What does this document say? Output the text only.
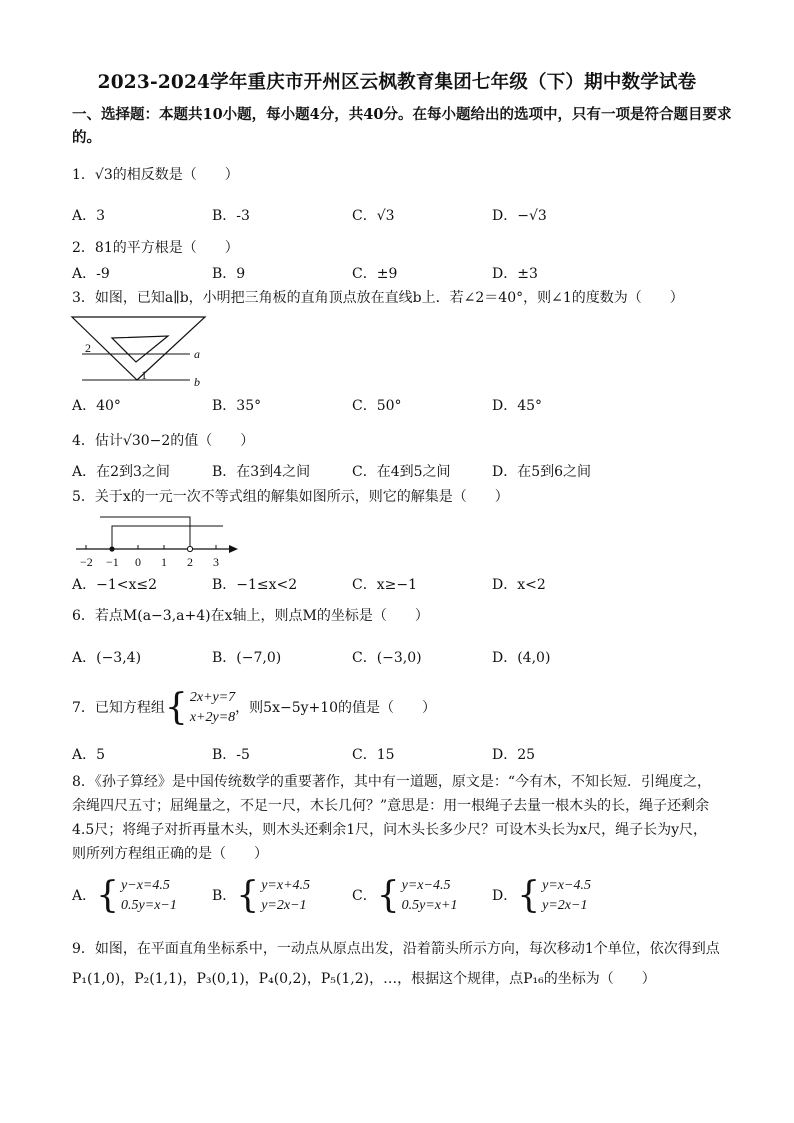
2023-2024学年重庆市开州区云枫教育集团七年级（下）期中数学试卷
一、选择题：本题共10小题，每小题4分，共40分。在每小题给出的选项中，只有一项是符合题目要求的。
1．√3的相反数是（　　）
A．3	B．-3	C．√3	D．−√3
2．81的平方根是（　　）
A．-9	B．9	C．±9	D．±3
3．如图，已知a∥b，小明把三角板的直角顶点放在直线b上．若∠2＝40°，则∠1的度数为（　　）
a
b
2
1
A．40°	B．35°	C．50°	D．45°
4．估计√30−2的值（　　）
A．在2到3之间	B．在3到4之间	C．在4到5之间	D．在5到6之间
5．关于x的一元一次不等式组的解集如图所示，则它的解集是（　　）
−2 −1 0 1 2 3
A．−1<x≤2	B．−1≤x<2	C．x≥−1	D．x<2
6．若点M(a−3,a+4)在x轴上，则点M的坐标是（　　）
A．(−3,4)	B．(−7,0)	C．(−3,0)	D．(4,0)
7．已知方程组 { 2x+y=7
x+2y=8
，则5x−5y+10的值是（　　）
A．5	B．-5	C．15	D．25
8．《孙子算经》是中国传统数学的重要著作，其中有一道题，原文是：“今有木，不知长短．引绳度之，
余绳四尺五寸；屈绳量之，不足一尺，木长几何？”意思是：用一根绳子去量一根木头的长，绳子还剩余
4.5尺；将绳子对折再量木头，则木头还剩余1尺，问木头长多少尺？可设木头长为x尺，绳子长为y尺，
则所列方程组正确的是（　　）
A． { y−x=4.5
0.5y=x−1
B． { y=x+4.5
y=2x−1
C． { y=x−4.5
0.5y=x+1
D． { y=x−4.5
y=2x−1
9．如图，在平面直角坐标系中，一动点从原点出发，沿着箭头所示方向，每次移动1个单位，依次得到点
P₁(1,0)，P₂(1,1)，P₃(0,1)，P₄(0,2)，P₅(1,2)，…，根据这个规律，点P₁₆的坐标为（　　）
